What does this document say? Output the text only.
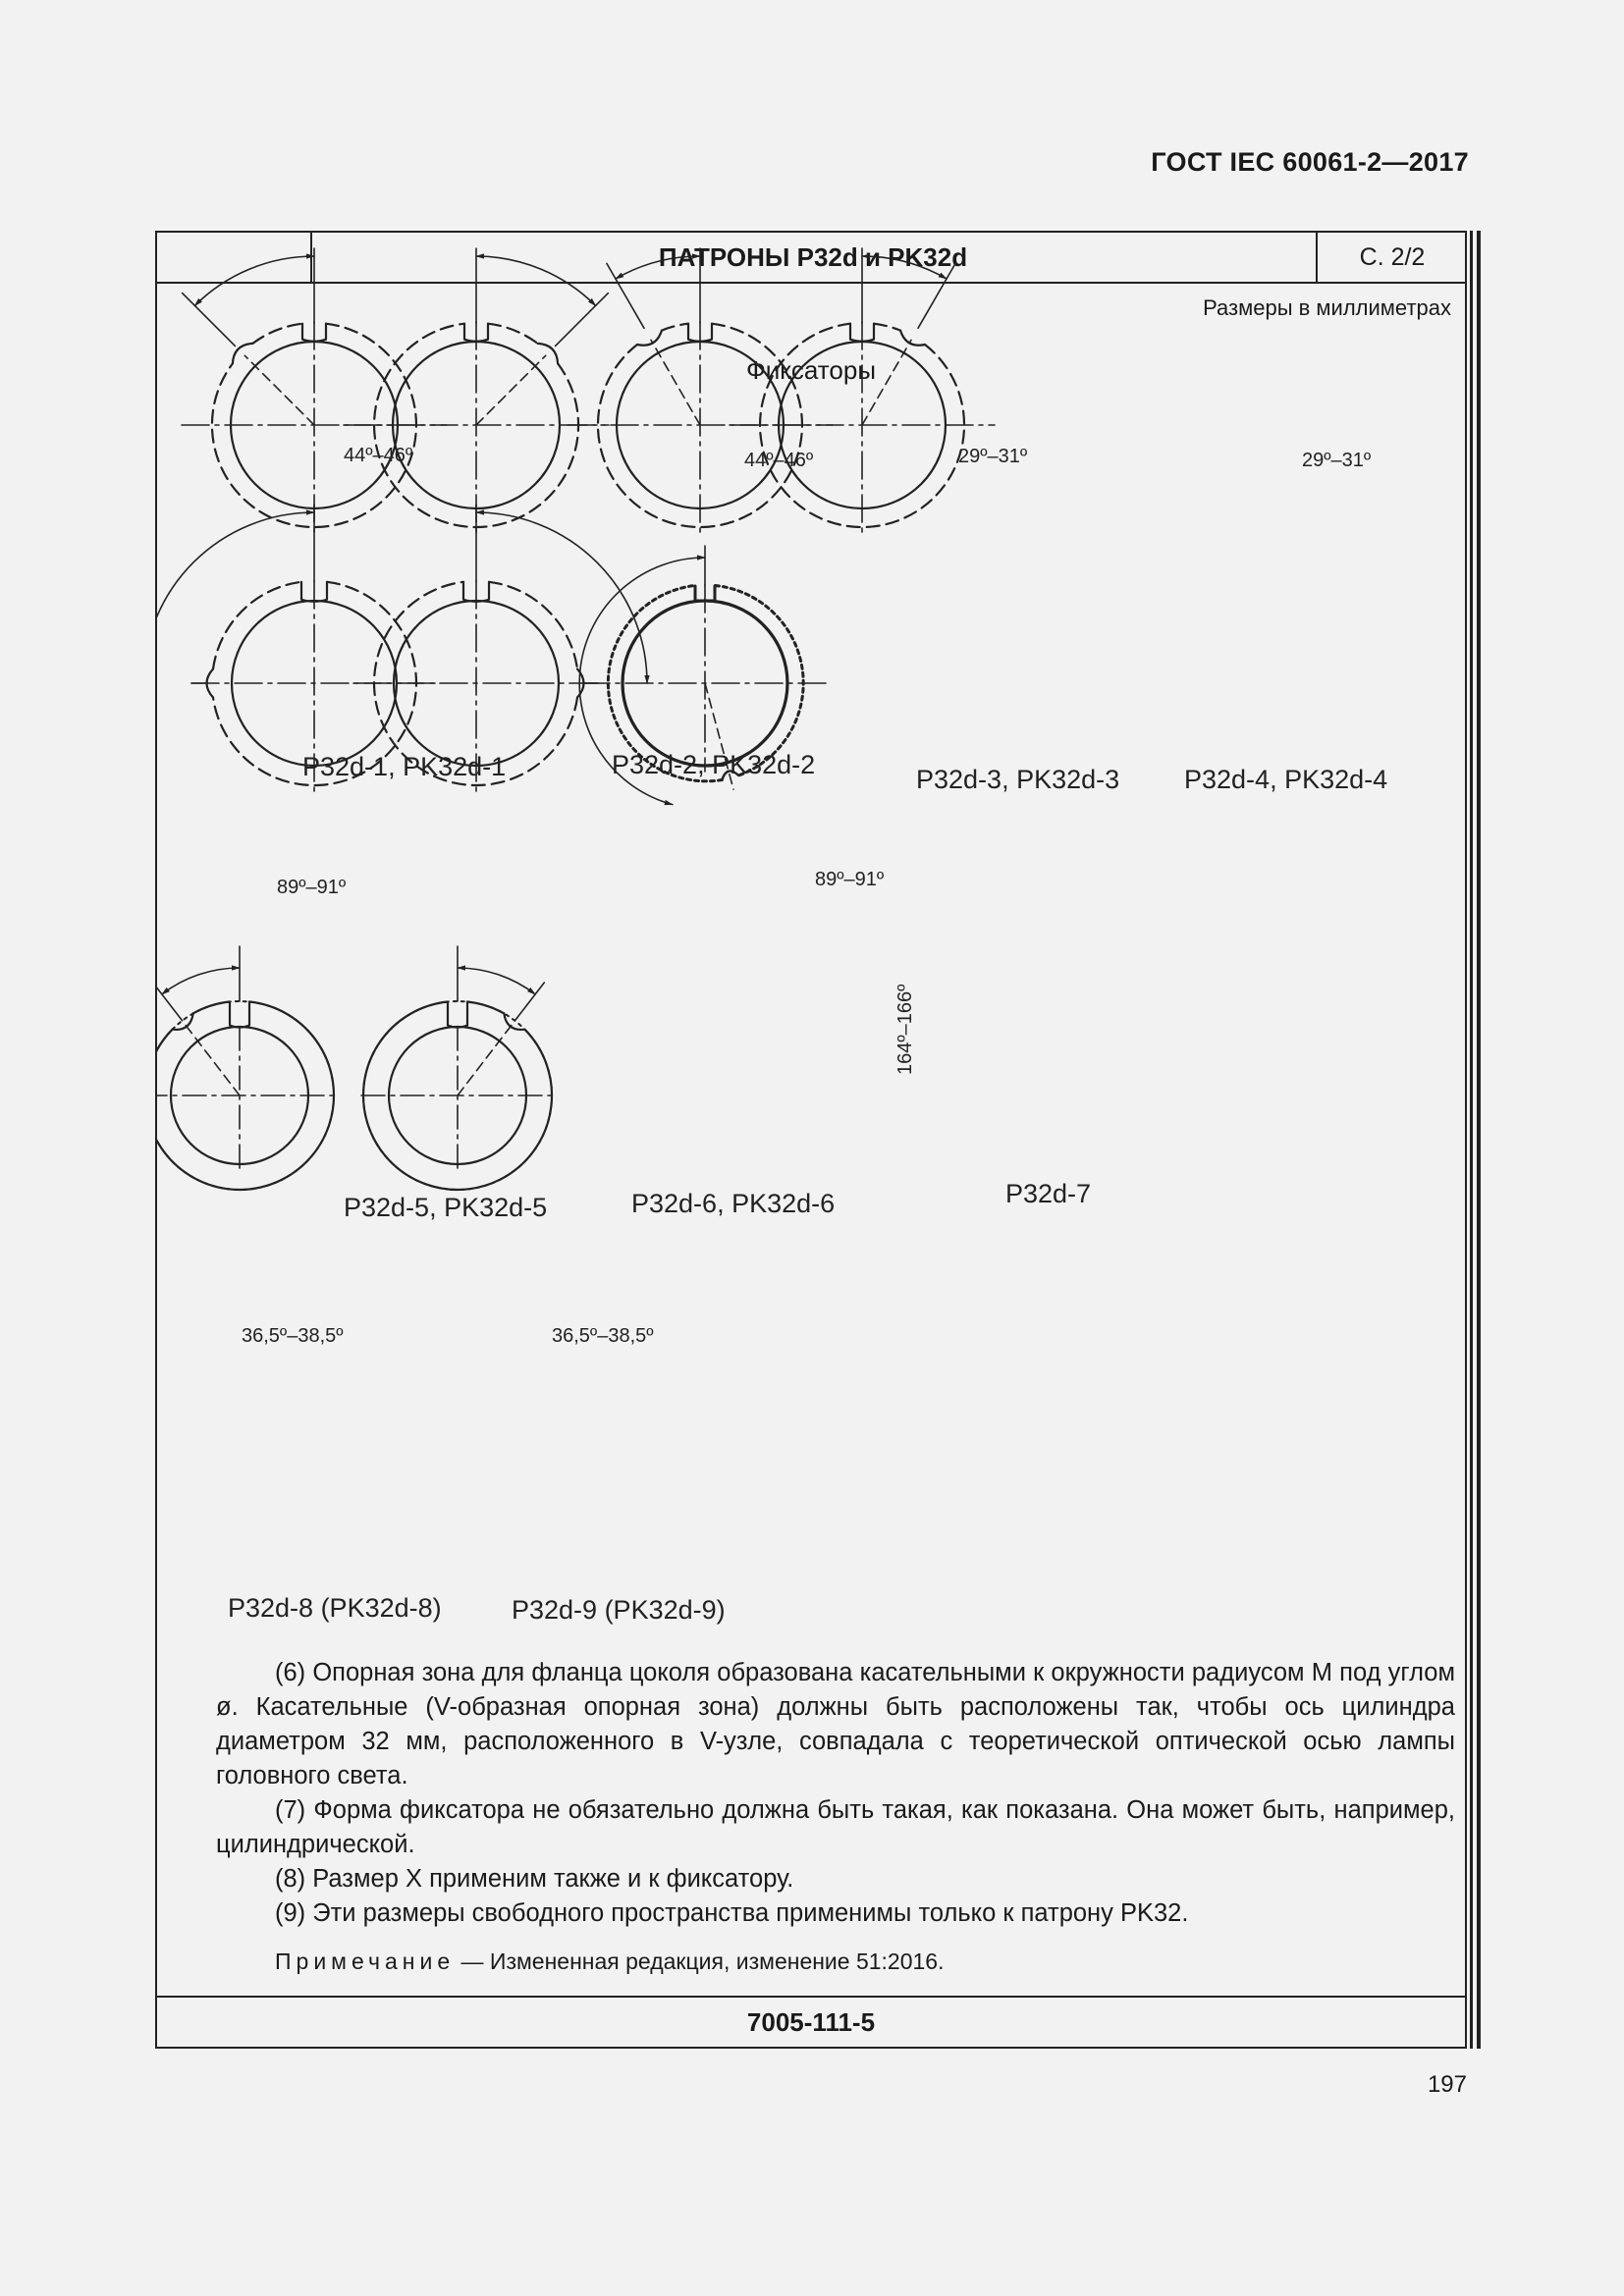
ГОСТ IEC 60061-2—2017
ПАТРОНЫ P32d и PK32d	С. 2/2
Размеры в миллиметрах
Фиксаторы
44º–46º	44º–46º	29º–31º	29º–31º
89º–91º	89º–91º
164º–166º
36,5º–38,5º	36,5º–38,5º
P32d-1, PK32d-1	P32d-2, PK32d-2	P32d-3, PK32d-3 P32d-4, PK32d-4
P32d-5, PK32d-5	P32d-6, PK32d-6	P32d-7
P32d-8 (PK32d-8)	P32d-9 (PK32d-9)

(6) Опорная зона для фланца цоколя образована касательными к окружности радиусом M под углом ø. Касательные (V-образная опорная зона) должны быть расположены так, чтобы ось цилиндра диаметром 32 мм, расположенного в V-узле, совпадала с теоретической оптической осью лампы головного света.

(7) Форма фиксатора не обязательно должна быть такая, как показана. Она может быть, например, цилиндрической.

(8) Размер X применим также и к фиксатору.

(9) Эти размеры свободного пространства применимы только к патрону PK32.

Примечание — Измененная редакция, изменение 51:2016.

7005-111-5
197
